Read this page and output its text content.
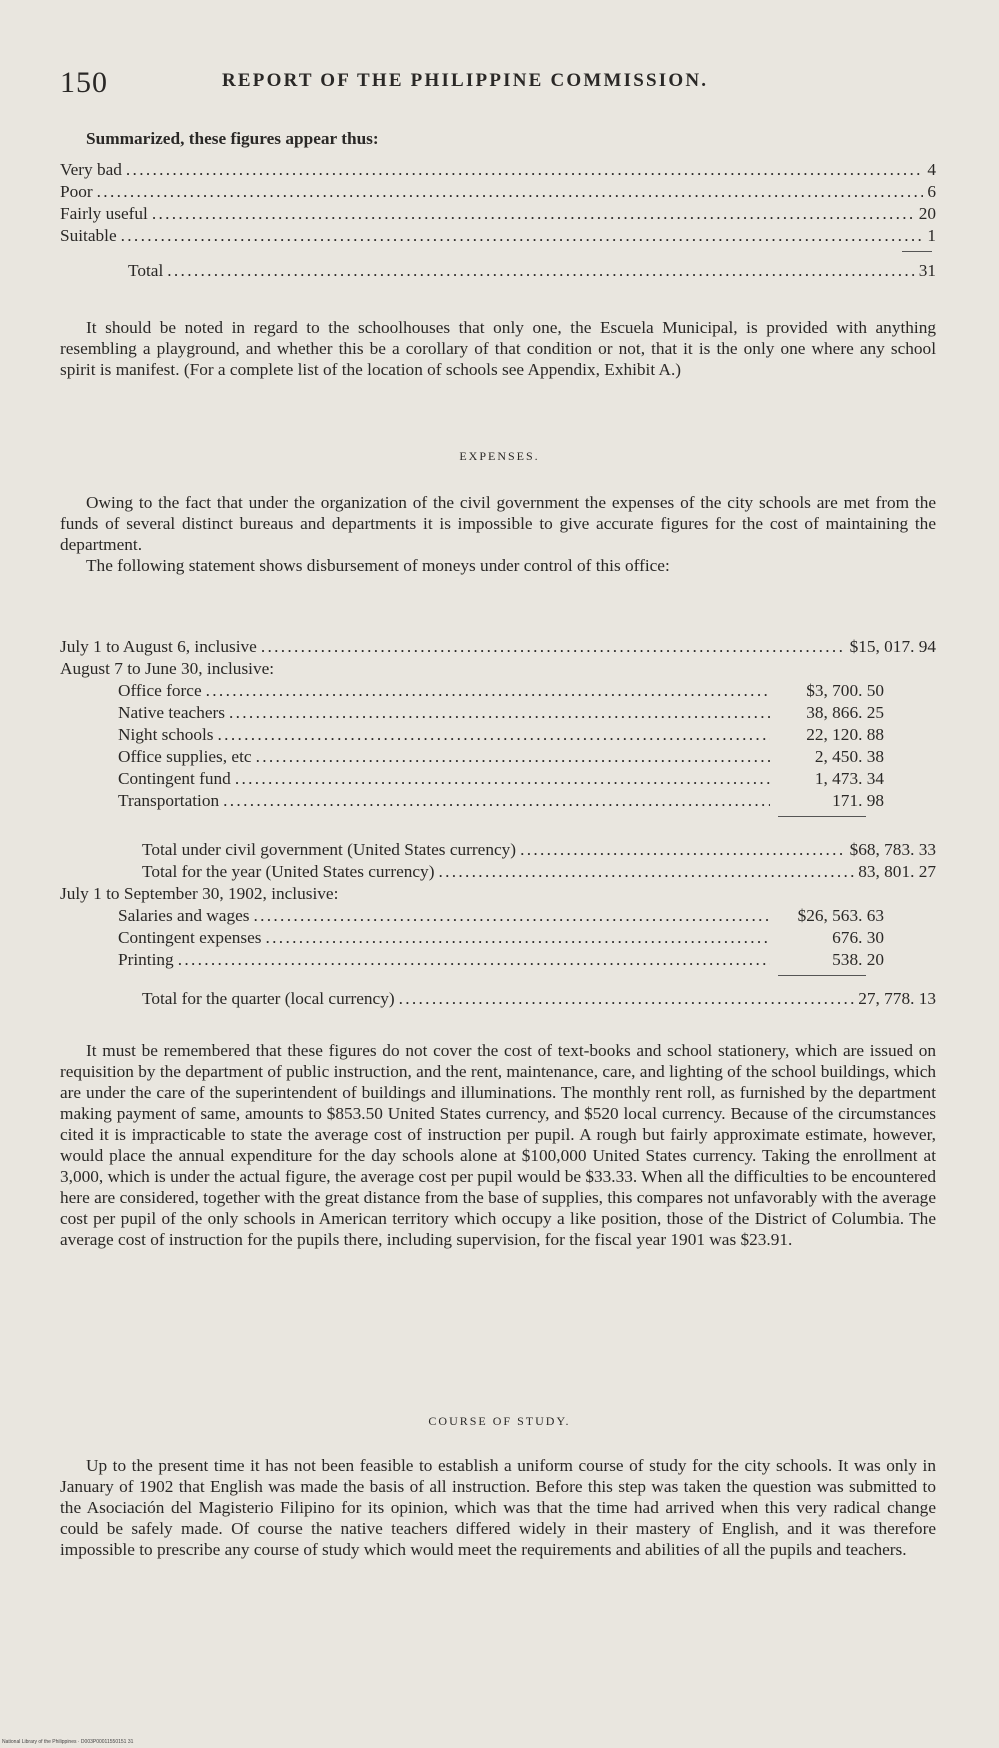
150	REPORT OF THE PHILIPPINE COMMISSION.

Summarized, these figures appear thus:

Very bad . . .	4
Poor . . .	6
Fairly useful . . .	20
Suitable . . .	1
Total . . .	31

It should be noted in regard to the schoolhouses that only one, the Escuela Municipal, is provided with anything resembling a playground, and whether this be a corollary of that condition or not, that it is the only one where any school spirit is manifest. (For a complete list of the location of schools see Appendix, Exhibit A.)

EXPENSES.

Owing to the fact that under the organization of the civil government the expenses of the city schools are met from the funds of several distinct bureaus and departments it is impossible to give accurate figures for the cost of maintaining the department.

The following statement shows disbursement of moneys under control of this office:

July 1 to August 6, inclusive . . .	$15, 017. 94
August 7 to June 30, inclusive:
Office force . . .	$3, 700. 50
Native teachers . . .	38, 866. 25
Night schools . . .	22, 120. 88
Office supplies, etc . . .	2, 450. 38
Contingent fund . . .	1, 473. 34
Transportation . . .	171. 98
Total under civil government (United States currency) . . .	$68, 783. 33
Total for the year (United States currency) . . .	83, 801. 27
July 1 to September 30, 1902, inclusive:
Salaries and wages . . .	$26, 563. 63
Contingent expenses . . .	676. 30
Printing . . .	538. 20
Total for the quarter (local currency) . . .	27, 778. 13

It must be remembered that these figures do not cover the cost of text-books and school stationery, which are issued on requisition by the department of public instruction, and the rent, maintenance, care, and lighting of the school buildings, which are under the care of the superintendent of buildings and illuminations. The monthly rent roll, as furnished by the department making payment of same, amounts to $853.50 United States currency, and $520 local currency. Because of the circumstances cited it is impracticable to state the average cost of instruction per pupil. A rough but fairly approximate estimate, however, would place the annual expenditure for the day schools alone at $100,000 United States currency. Taking the enrollment at 3,000, which is under the actual figure, the average cost per pupil would be $33.33. When all the difficulties to be encountered here are considered, together with the great distance from the base of supplies, this compares not unfavorably with the average cost per pupil of the only schools in American territory which occupy a like position, those of the District of Columbia. The average cost of instruction for the pupils there, including supervision, for the fiscal year 1901 was $23.91.

COURSE OF STUDY.

Up to the present time it has not been feasible to establish a uniform course of study for the city schools. It was only in January of 1902 that English was made the basis of all instruction. Before this step was taken the question was submitted to the Asociación del Magisterio Filipino for its opinion, which was that the time had arrived when this very radical change could be safely made. Of course the native teachers differed widely in their mastery of English, and it was therefore impossible to prescribe any course of study which would meet the requirements and abilities of all the pupils and teachers.

National Library of the Philippines · D003P00011550151 31
